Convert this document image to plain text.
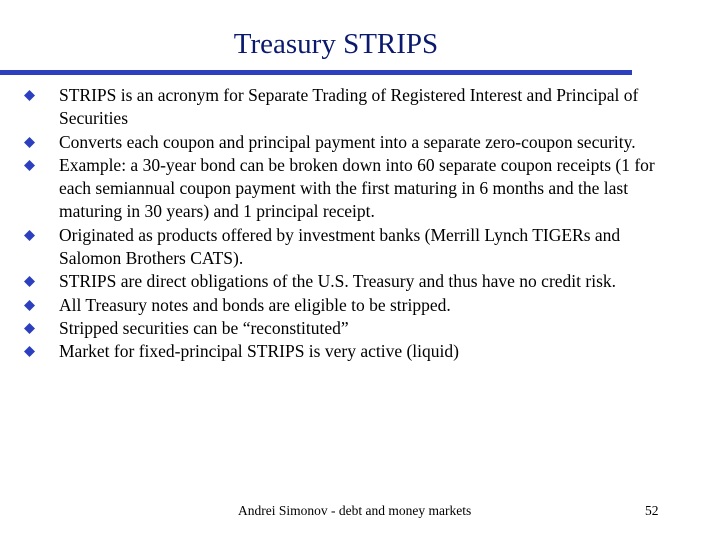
Treasury STRIPS
STRIPS is an acronym for Separate Trading of Registered Interest and Principal of Securities
Converts each coupon and principal payment into a separate zero-coupon security.
Example: a 30-year bond can be broken down into 60 separate coupon receipts (1 for each semiannual coupon payment with the first maturing in 6 months and the last maturing in 30 years) and 1 principal receipt.
Originated as products offered by investment banks (Merrill Lynch TIGERs and Salomon Brothers CATS).
STRIPS are direct obligations of the U.S. Treasury and thus have no credit risk.
All Treasury notes and bonds are eligible to be stripped.
Stripped securities can be “reconstituted”
Market for fixed-principal STRIPS is very active (liquid)
Andrei Simonov - debt and money markets	52
